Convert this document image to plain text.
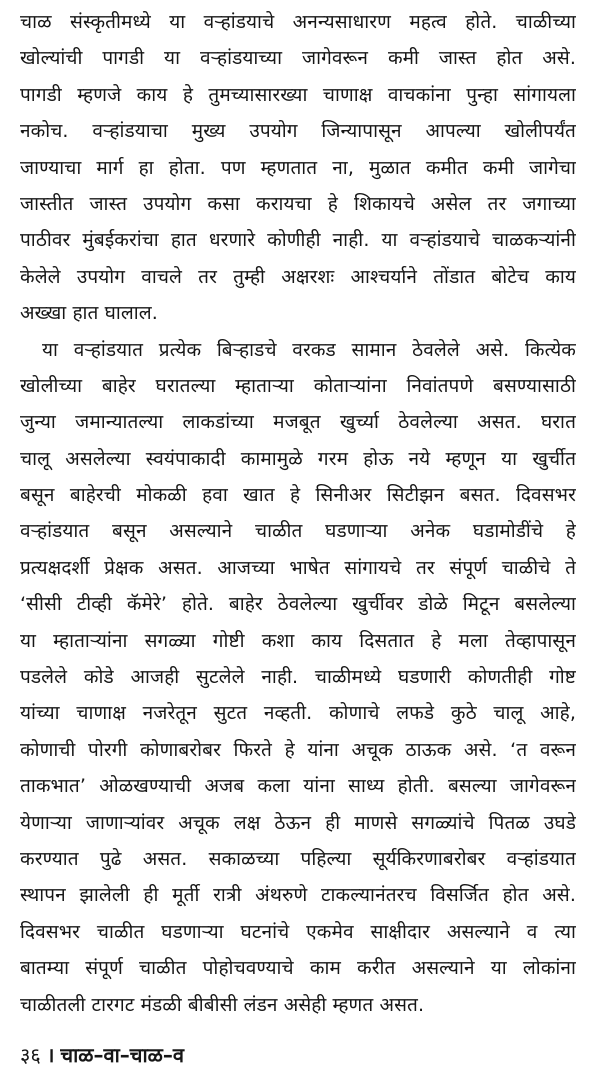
चाळ संस्कृतीमध्ये या वऱ्हांडयाचे अनन्यसाधारण महत्व होते. चाळीच्या
खोल्यांची पागडी या वऱ्हांडयाच्या जागेवरून कमी जास्त होत असे.
पागडी म्हणजे काय हे तुमच्यासारख्या चाणाक्ष वाचकांना पुन्हा सांगायला
नकोच. वऱ्हांडयाचा मुख्य उपयोग जिन्यापासून आपल्या खोलीपर्यंत
जाण्याचा मार्ग हा होता. पण म्हणतात ना, मुळात कमीत कमी जागेचा
जास्तीत जास्त उपयोग कसा करायचा हे शिकायचे असेल तर जगाच्या
पाठीवर मुंबईकरांचा हात धरणारे कोणीही नाही. या वऱ्हांडयाचे चाळकऱ्यांनी
केलेले उपयोग वाचले तर तुम्ही अक्षरशः आश्चर्याने तोंडात बोटेच काय
अख्खा हात घालाल.
या वऱ्हांडयात प्रत्येक बिऱ्हाडचे वरकड सामान ठेवलेले असे. कित्येक
खोलीच्या बाहेर घरातल्या म्हाताऱ्या कोताऱ्यांना निवांतपणे बसण्यासाठी
जुन्या जमान्यातल्या लाकडांच्या मजबूत खुर्च्या ठेवलेल्या असत. घरात
चालू असलेल्या स्वयंपाकादी कामामुळे गरम होऊ नये म्हणून या खुर्चीत
बसून बाहेरची मोकळी हवा खात हे सिनीअर सिटीझन बसत. दिवसभर
वऱ्हांडयात बसून असल्याने चाळीत घडणाऱ्या अनेक घडामोडींचे हे
प्रत्यक्षदर्शी प्रेक्षक असत. आजच्या भाषेत सांगायचे तर संपूर्ण चाळीचे ते
‘सीसी टीव्ही कॅमेरे’ होते. बाहेर ठेवलेल्या खुर्चीवर डोळे मिटून बसलेल्या
या म्हाताऱ्यांना सगळ्या गोष्टी कशा काय दिसतात हे मला तेव्हापासून
पडलेले कोडे आजही सुटलेले नाही. चाळीमध्ये घडणारी कोणतीही गोष्ट
यांच्या चाणाक्ष नजरेतून सुटत नव्हती. कोणाचे लफडे कुठे चालू आहे,
कोणाची पोरगी कोणाबरोबर फिरते हे यांना अचूक ठाऊक असे. ‘त वरून
ताकभात’ ओळखण्याची अजब कला यांना साध्य होती. बसल्या जागेवरून
येणाऱ्या जाणाऱ्यांवर अचूक लक्ष ठेऊन ही माणसे सगळ्यांचे पितळ उघडे
करण्यात पुढे असत. सकाळच्या पहिल्या सूर्यकिरणाबरोबर वऱ्हांडयात
स्थापन झालेली ही मूर्ती रात्री अंथरुणे टाकल्यानंतरच विसर्जित होत असे.
दिवसभर चाळीत घडणाऱ्या घटनांचे एकमेव साक्षीदार असल्याने व त्या
बातम्या संपूर्ण चाळीत पोहोचवण्याचे काम करीत असल्याने या लोकांना
चाळीतली टारगट मंडळी बीबीसी लंडन असेही म्हणत असत.
३६ । चाळ–वा–चाळ–व
